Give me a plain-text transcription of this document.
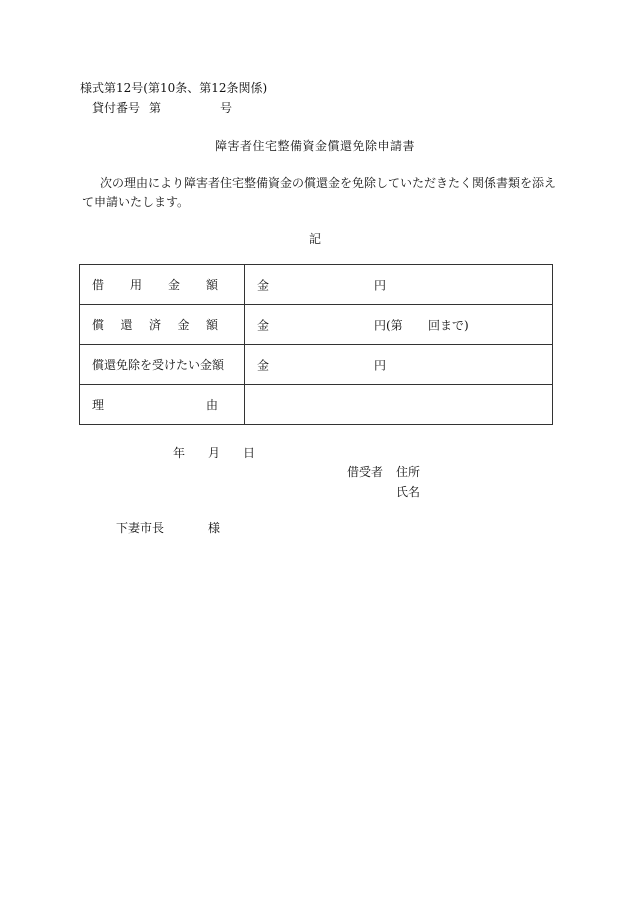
様式第12号(第10条、第12条関係)
貸付番号 第	号
障害者住宅整備資金償還免除申請書
次の理由により障害者住宅整備資金の償還金を免除していただきたく関係書類を添え
て申請いたします。
記
借 用 金 額	金 円

償 還 済 金 額	金 円(第 回まで)

償還免除を受けたい金額	金 円

理 由	

年 月 日
借受者 住所
氏名
下妻市長	様
